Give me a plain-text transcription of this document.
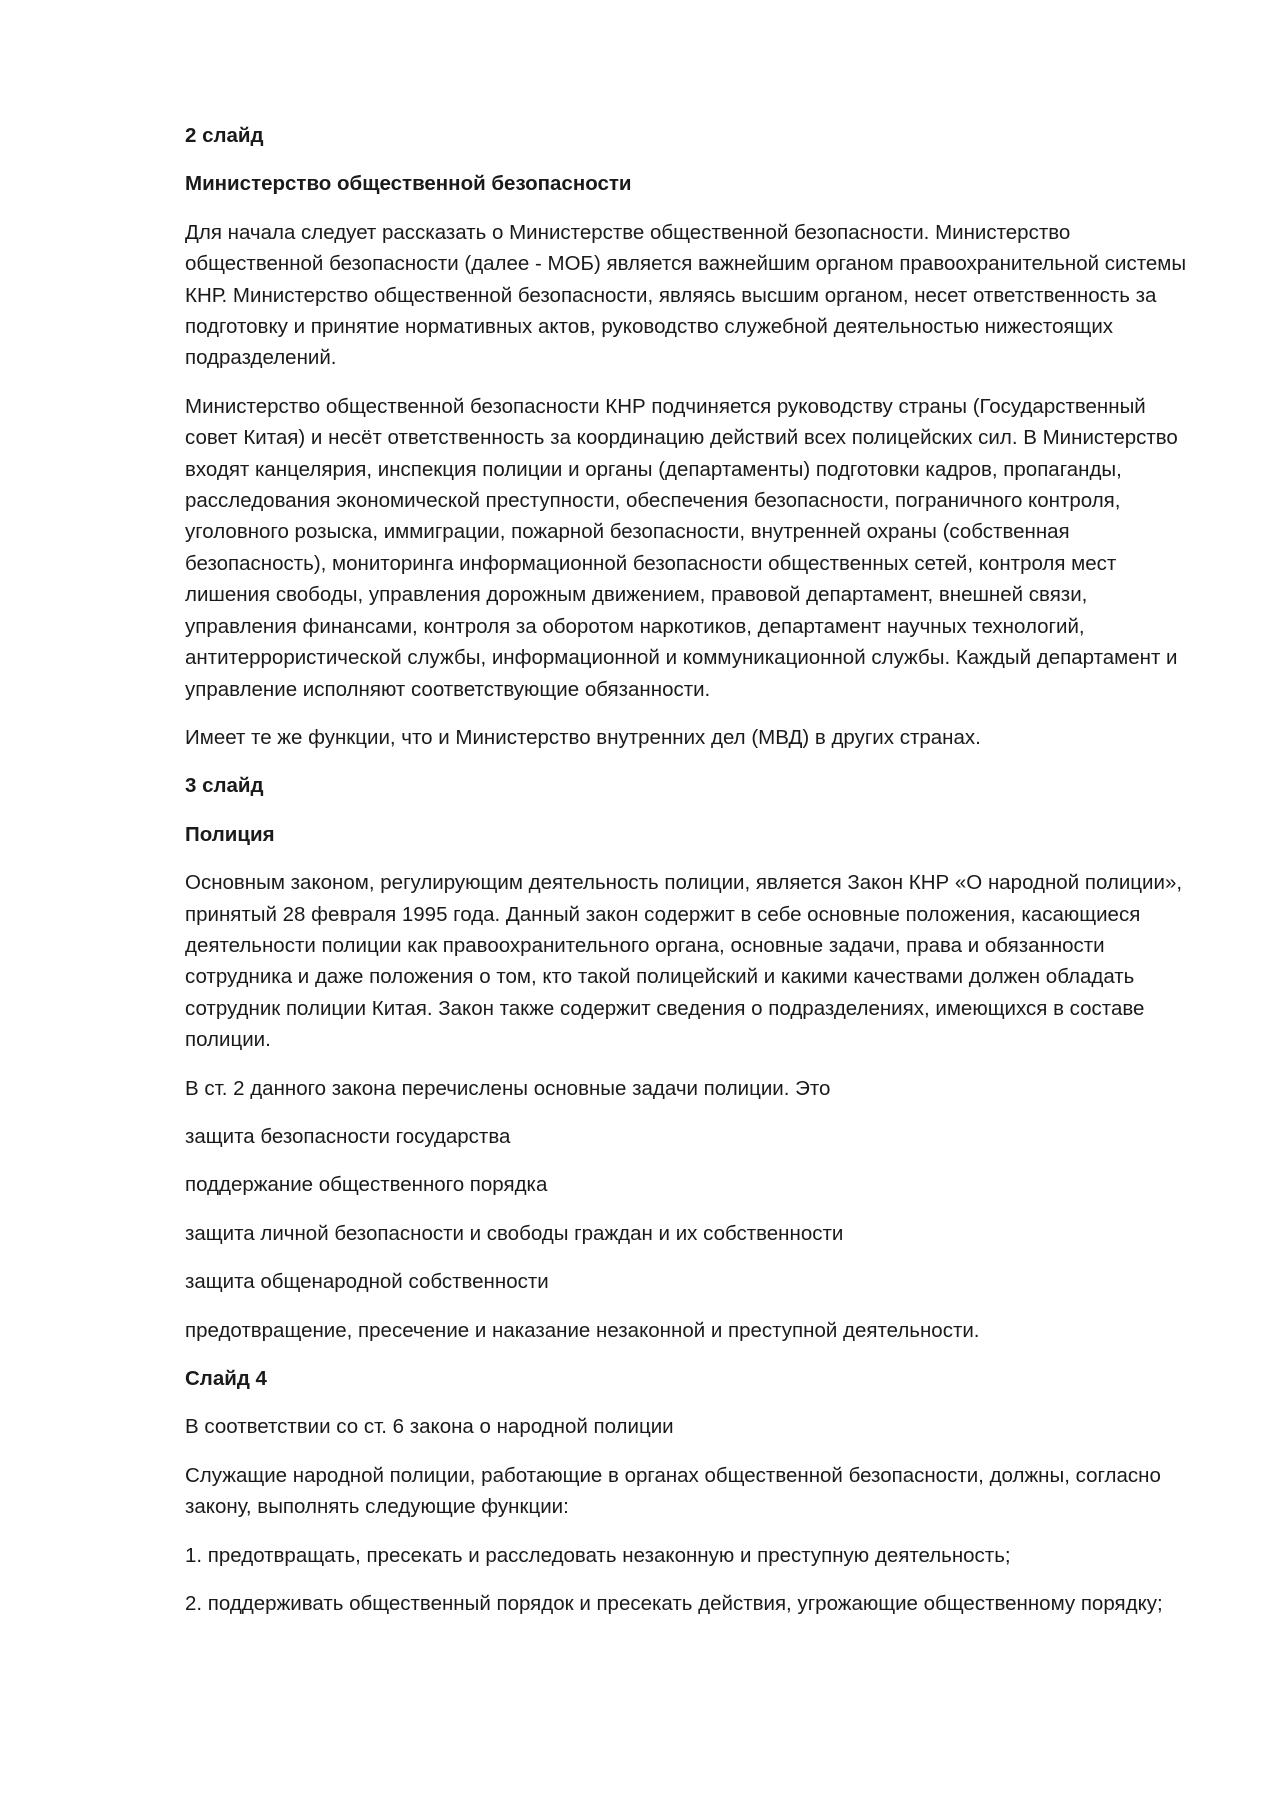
2 слайд

Министерство общественной безопасности

Для начала следует рассказать о Министерстве общественной безопасности. Министерство общественной безопасности (далее - МОБ) является важнейшим органом правоохранительной системы КНР. Министерство общественной безопасности, являясь высшим органом, несет ответственность за подготовку и принятие нормативных актов, руководство служебной деятельностью нижестоящих подразделений.

Министерство общественной безопасности КНР подчиняется руководству страны (Государственный совет Китая) и несёт ответственность за координацию действий всех полицейских сил. В Министерство входят канцелярия, инспекция полиции и органы (департаменты) подготовки кадров, пропаганды, расследования экономической преступности, обеспечения безопасности, пограничного контроля, уголовного розыска, иммиграции, пожарной безопасности, внутренней охраны (собственная безопасность), мониторинга информационной безопасности общественных сетей, контроля мест лишения свободы, управления дорожным движением, правовой департамент, внешней связи, управления финансами, контроля за оборотом наркотиков, департамент научных технологий, антитеррористической службы, информационной и коммуникационной службы. Каждый департамент и управление исполняют соответствующие обязанности.

Имеет те же функции, что и Министерство внутренних дел (МВД) в других странах.

3 слайд

Полиция

Основным законом, регулирующим деятельность полиции, является Закон КНР «О народной полиции», принятый 28 февраля 1995 года. Данный закон содержит в себе основные положения, касающиеся деятельности полиции как правоохранительного органа, основные задачи, права и обязанности сотрудника и даже положения о том, кто такой полицейский и какими качествами должен обладать сотрудник полиции Китая. Закон также содержит сведения о подразделениях, имеющихся в составе полиции.

В ст. 2 данного закона перечислены основные задачи полиции. Это

защита безопасности государства

поддержание общественного порядка

защита личной безопасности и свободы граждан и их собственности

защита общенародной собственности

предотвращение, пресечение и наказание незаконной и преступной деятельности.

Слайд 4

В соответствии со ст. 6 закона о народной полиции

Служащие народной полиции, работающие в органах общественной безопасности, должны, согласно закону, выполнять следующие функции:

1. предотвращать, пресекать и расследовать незаконную и преступную деятельность;

2. поддерживать общественный порядок и пресекать действия, угрожающие общественному порядку;
